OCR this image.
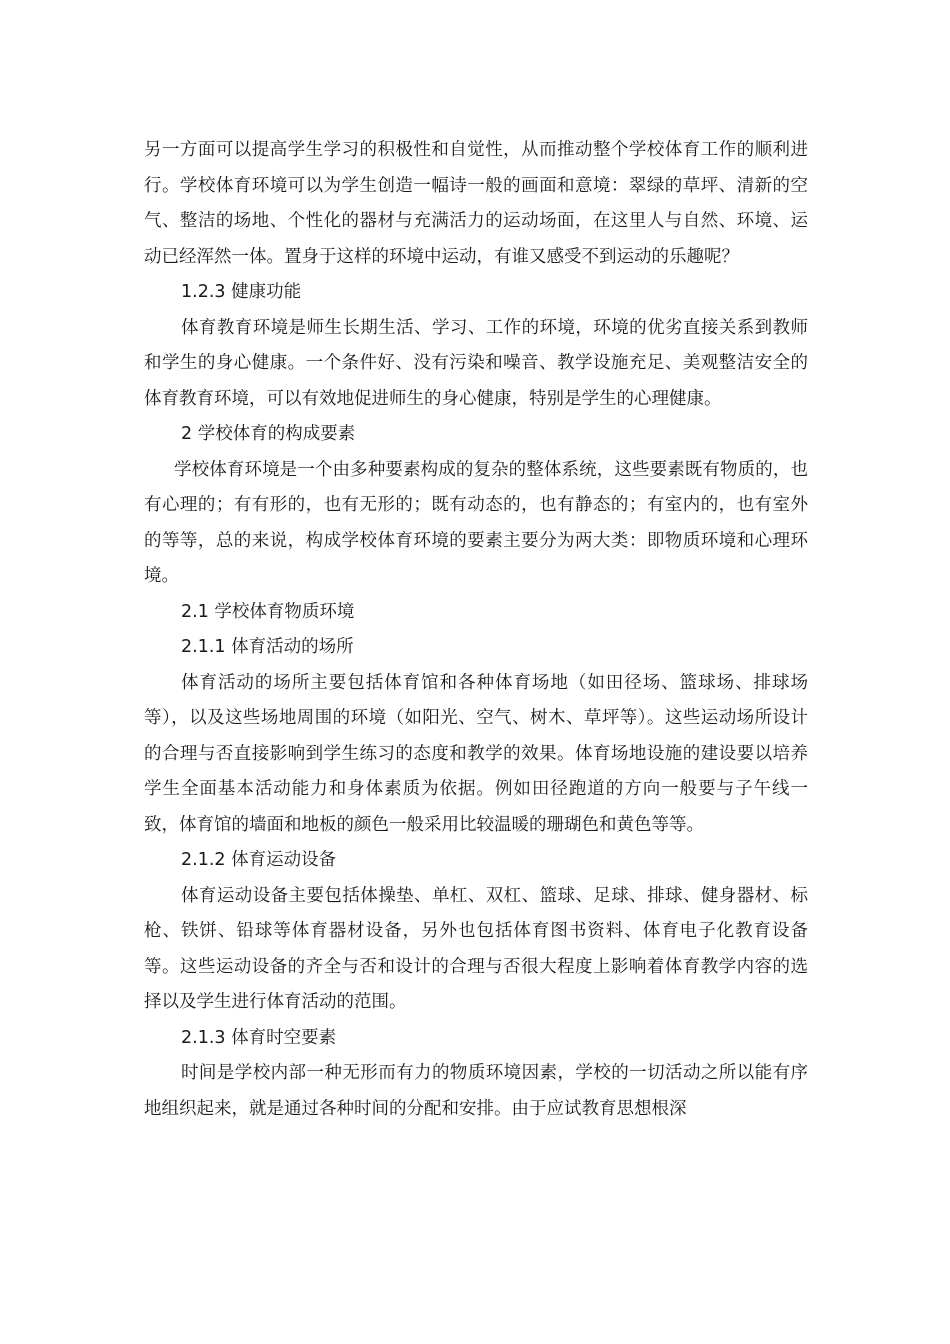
另一方面可以提高学生学习的积极性和自觉性，从而推动整个学校体育工作的顺利进行。学校体育环境可以为学生创造一幅诗一般的画面和意境：翠绿的草坪、清新的空气、整洁的场地、个性化的器材与充满活力的运动场面，在这里人与自然、环境、运动已经浑然一体。置身于这样的环境中运动，有谁又感受不到运动的乐趣呢？

1.2.3 健康功能

体育教育环境是师生长期生活、学习、工作的环境，环境的优劣直接关系到教师和学生的身心健康。一个条件好、没有污染和噪音、教学设施充足、美观整洁安全的体育教育环境，可以有效地促进师生的身心健康，特别是学生的心理健康。

2 学校体育的构成要素

学校体育环境是一个由多种要素构成的复杂的整体系统，这些要素既有物质的，也有心理的；有有形的，也有无形的；既有动态的，也有静态的；有室内的，也有室外的等等，总的来说，构成学校体育环境的要素主要分为两大类：即物质环境和心理环境。

2.1 学校体育物质环境
2.1.1 体育活动的场所

体育活动的场所主要包括体育馆和各种体育场地（如田径场、篮球场、排球场等），以及这些场地周围的环境（如阳光、空气、树木、草坪等）。这些运动场所设计的合理与否直接影响到学生练习的态度和教学的效果。体育场地设施的建设要以培养学生全面基本活动能力和身体素质为依据。例如田径跑道的方向一般要与子午线一致，体育馆的墙面和地板的颜色一般采用比较温暖的珊瑚色和黄色等等。

2.1.2 体育运动设备

体育运动设备主要包括体操垫、单杠、双杠、篮球、足球、排球、健身器材、标枪、铁饼、铅球等体育器材设备，另外也包括体育图书资料、体育电子化教育设备等。这些运动设备的齐全与否和设计的合理与否很大程度上影响着体育教学内容的选择以及学生进行体育活动的范围。

2.1.3 体育时空要素

时间是学校内部一种无形而有力的物质环境因素，学校的一切活动之所以能有序地组织起来，就是通过各种时间的分配和安排。由于应试教育思想根深
